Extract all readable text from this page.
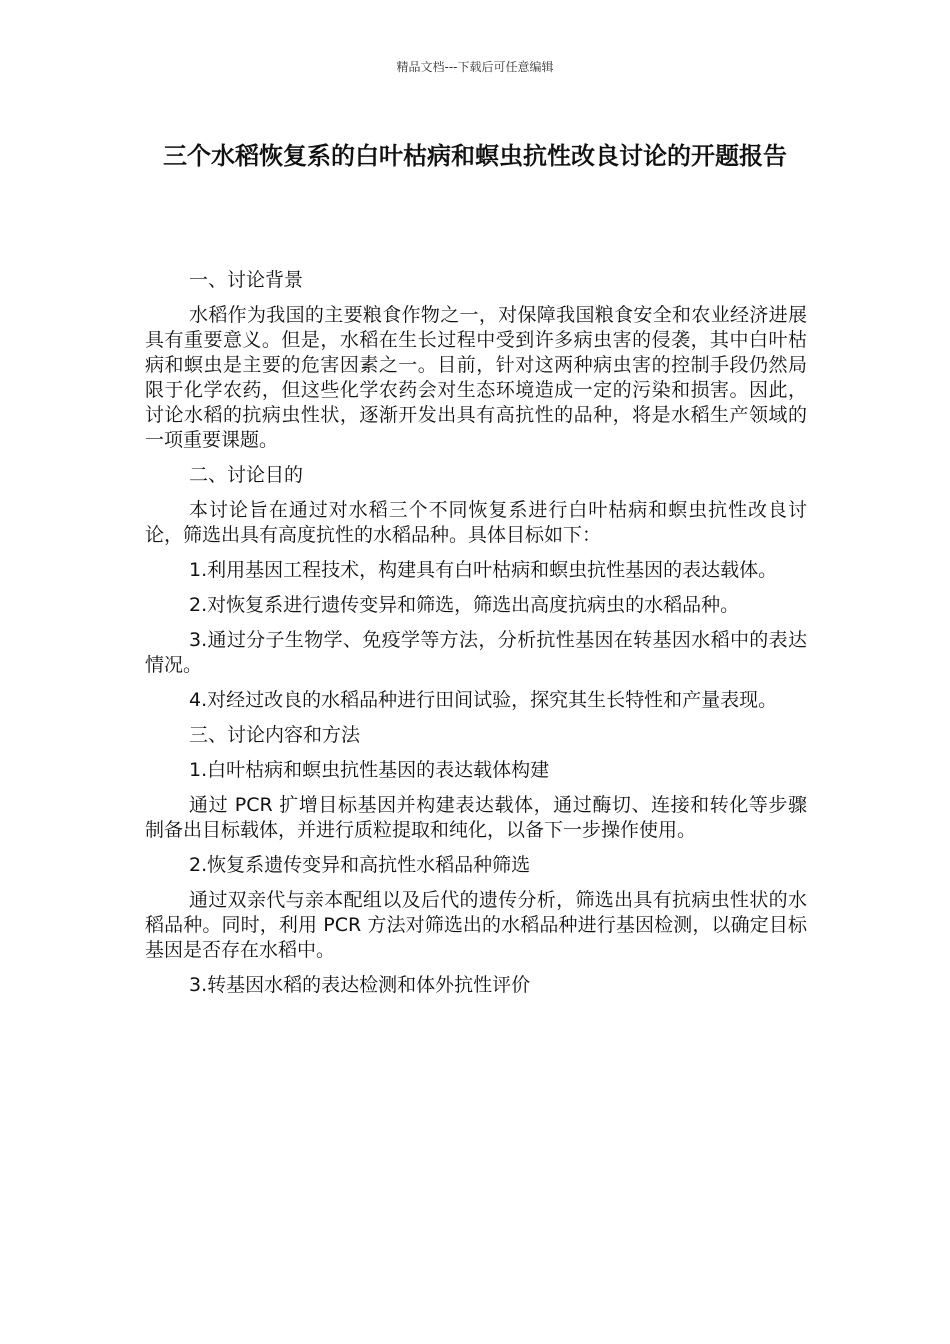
精品文档---下载后可任意编辑
三个水稻恢复系的白叶枯病和螟虫抗性改良讨论的开题报告

一、讨论背景

水稻作为我国的主要粮食作物之一，对保障我国粮食安全和农业经济进展具有重要意义。但是，水稻在生长过程中受到许多病虫害的侵袭，其中白叶枯病和螟虫是主要的危害因素之一。目前，针对这两种病虫害的控制手段仍然局限于化学农药，但这些化学农药会对生态环境造成一定的污染和损害。因此，讨论水稻的抗病虫性状，逐渐开发出具有高抗性的品种，将是水稻生产领域的一项重要课题。

二、讨论目的

本讨论旨在通过对水稻三个不同恢复系进行白叶枯病和螟虫抗性改良讨论，筛选出具有高度抗性的水稻品种。具体目标如下：

1.利用基因工程技术，构建具有白叶枯病和螟虫抗性基因的表达载体。

2.对恢复系进行遗传变异和筛选，筛选出高度抗病虫的水稻品种。

3.通过分子生物学、免疫学等方法，分析抗性基因在转基因水稻中的表达情况。

4.对经过改良的水稻品种进行田间试验，探究其生长特性和产量表现。

三、讨论内容和方法

1.白叶枯病和螟虫抗性基因的表达载体构建

通过 PCR 扩增目标基因并构建表达载体，通过酶切、连接和转化等步骤制备出目标载体，并进行质粒提取和纯化，以备下一步操作使用。

2.恢复系遗传变异和高抗性水稻品种筛选

通过双亲代与亲本配组以及后代的遗传分析，筛选出具有抗病虫性状的水稻品种。同时，利用 PCR 方法对筛选出的水稻品种进行基因检测，以确定目标基因是否存在水稻中。

3.转基因水稻的表达检测和体外抗性评价
